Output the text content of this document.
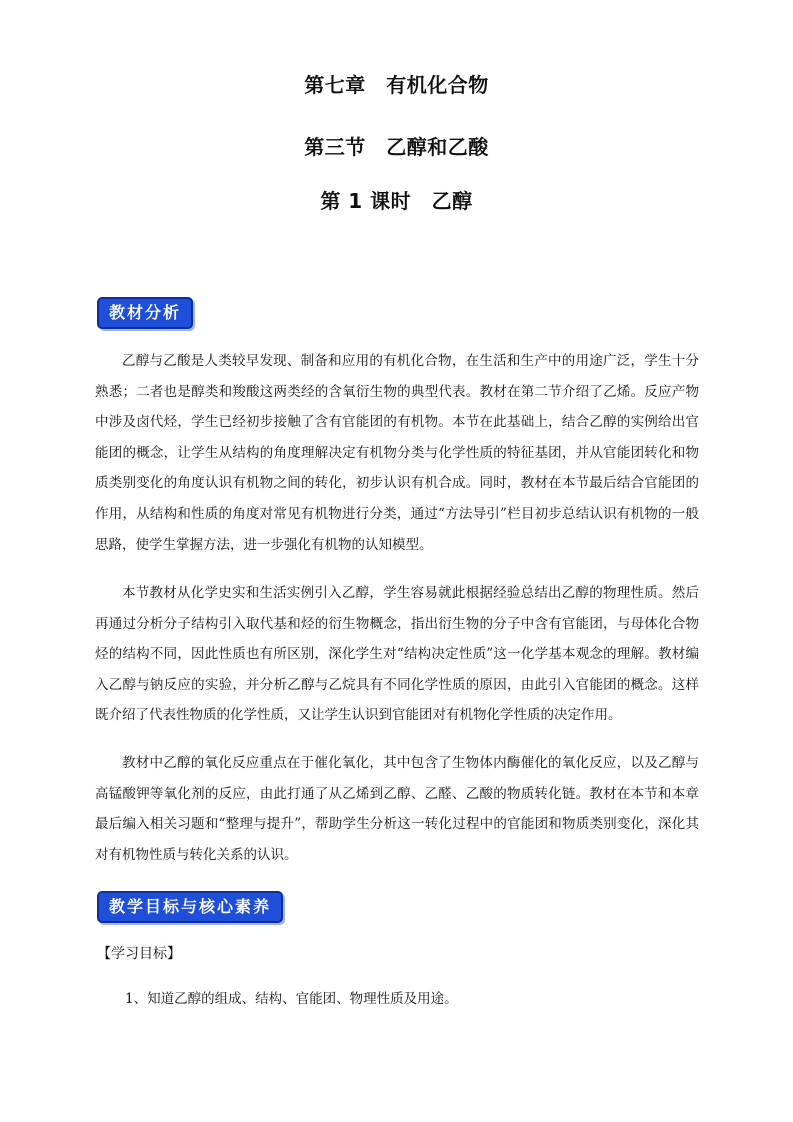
第七章　有机化合物
第三节　乙醇和乙酸
第 1 课时　乙醇
教材分析

乙醇与乙酸是人类较早发现、制备和应用的有机化合物，在生活和生产中的用途广泛，学生十分熟悉；二者也是醇类和羧酸这两类经的含氧衍生物的典型代表。教材在第二节介绍了乙烯。反应产物中涉及卤代烃，学生已经初步接触了含有官能团的有机物。本节在此基础上，结合乙醇的实例给出官能团的概念，让学生从结构的角度理解决定有机物分类与化学性质的特征基团，并从官能团转化和物质类别变化的角度认识有机物之间的转化，初步认识有机合成。同时，教材在本节最后结合官能团的作用，从结构和性质的角度对常见有机物进行分类，通过“方法导引”栏目初步总结认识有机物的一般思路，使学生掌握方法，进一步强化有机物的认知模型。

本节教材从化学史实和生活实例引入乙醇，学生容易就此根据经验总结出乙醇的物理性质。然后再通过分析分子结构引入取代基和烃的衍生物概念，指出衍生物的分子中含有官能团，与母体化合物烃的结构不同，因此性质也有所区别，深化学生对“结构决定性质”这一化学基本观念的理解。教材编入乙醇与钠反应的实验，并分析乙醇与乙烷具有不同化学性质的原因，由此引入官能团的概念。这样既介绍了代表性物质的化学性质，又让学生认识到官能团对有机物化学性质的决定作用。

教材中乙醇的氧化反应重点在于催化氧化，其中包含了生物体内酶催化的氧化反应，以及乙醇与高锰酸钾等氧化剂的反应，由此打通了从乙烯到乙醇、乙醛、乙酸的物质转化链。教材在本节和本章最后编入相关习题和“整理与提升”，帮助学生分析这一转化过程中的官能团和物质类别变化，深化其对有机物性质与转化关系的认识。

教学目标与核心素养
【学习目标】
1、知道乙醇的组成、结构、官能团、物理性质及用途。
